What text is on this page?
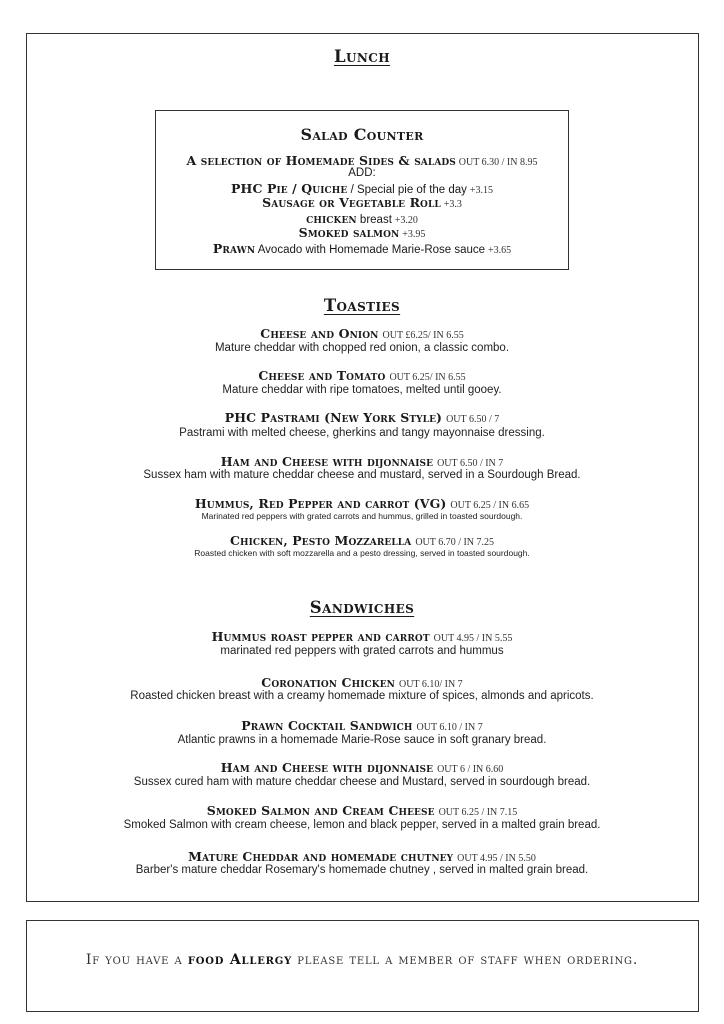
Lunch
Salad Counter
A selection of Homemade Sides & salads OUT 6.30 / IN 8.95
ADD:
PHC Pie / Quiche / Special pie of the day +3.15
Sausage or Vegetable Roll +3.3
chicken breast +3.20
Smoked salmon +3.95
Prawn Avocado with Homemade Marie-Rose sauce +3.65
Toasties
Cheese and Onion OUT £6.25/ IN 6.55
Mature cheddar with chopped red onion, a classic combo.
Cheese and Tomato OUT 6.25/ IN 6.55
Mature cheddar with ripe tomatoes, melted until gooey.
PHC Pastrami (New York Style) OUT 6.50 / 7
Pastrami with melted cheese, gherkins and tangy mayonnaise dressing.
Ham and Cheese with dijonnaise OUT 6.50 / IN 7
Sussex ham with mature cheddar cheese and mustard, served in a Sourdough Bread.
Hummus, Red Pepper and carrot (VG) OUT 6.25 / IN 6.65
Marinated red peppers with grated carrots and hummus, grilled in toasted sourdough.
Chicken, Pesto Mozzarella OUT 6.70 / IN 7.25
Roasted chicken with soft mozzarella and a pesto dressing, served in toasted sourdough.
Sandwiches
Hummus roast pepper and carrot OUT 4.95 / IN 5.55
marinated red peppers with grated carrots and hummus
Coronation Chicken OUT 6.10/ IN 7
Roasted chicken breast with a creamy homemade mixture of spices, almonds and apricots.
Prawn Cocktail Sandwich OUT 6.10 / IN 7
Atlantic prawns in a homemade Marie-Rose sauce in soft granary bread.
Ham and Cheese with dijonnaise OUT 6 / IN 6.60
Sussex cured ham with mature cheddar cheese and Mustard, served in sourdough bread.
Smoked Salmon and Cream Cheese OUT 6.25 / IN 7.15
Smoked Salmon with cream cheese, lemon and black pepper, served in a malted grain bread.
Mature Cheddar and homemade chutney OUT 4.95 / IN 5.50
Barber's mature cheddar Rosemary's homemade chutney , served in malted grain bread.
If you have a food Allergy please tell a member of staff when ordering.
